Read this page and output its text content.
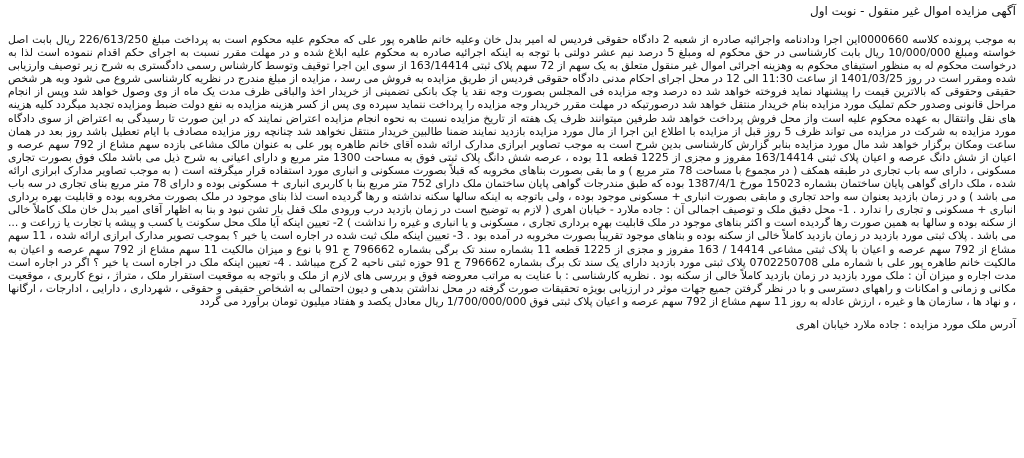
آگهی مزایده اموال غیر منقول - نوبت اول

به موجب پرونده کلاسه 0000660این اجرا ودادنامه واجرائیه صادره از شعبه 2 دادگاه حقوقی فردیس له امیر بدل خان وعلیه خانم طاهره پور علی که محکوم علیه محکوم است به پرداخت مبلغ 226/613/250 ریال بابت اصل خواسته ومبلغ 10/000/000 ریال بابت کارشناسی در حق محکوم له ومبلغ 5 درصد نیم عشر دولتی با توجه به اینکه اجرائیه صادره به محکوم علیه ابلاغ شده و در مهلت مقرر نسبت به اجرای حکم اقدام ننموده است لذا به درخواست محکوم له به منظور استیفای محکوم به وهزینه اجرائی اموال غیر منقول متعلق به یک سهم از 72 سهم پلاک ثبتی 163/14414 از سوی این اجرا توقیف وتوسط کارشناس رسمی دادگستری به شرح زیر توصیف وارزیابی شده ومقرر است در روز 1401/03/25 از ساعت 11:30 الی 12 در محل اجرای احکام مدنی دادگاه حقوقی فردیس از طریق مزایده به فروش می رسد ، مزایده از مبلغ مندرج در نظریه کارشناسی شروع می شود وبه هر شخص حقیقی وحقوقی که بالاترین قیمت را پیشنهاد نماید فروخته خواهد شد ده درصد وجه مزایده فی المجلس بصورت وجه نقد یا چک بانکی تضمینی از خریدار اخذ والباقی ظرف مدت یک ماه از وی وصول خواهد شد وپس از انجام مراحل قانونی وصدور حکم تملیک مورد مزایده بنام خریدار منتقل خواهد شد درصورتیکه در مهلت مقرر خریدار وجه مزایده را پرداخت ننماید سپرده وی پس از کسر هزینه مزایده به نفع دولت ضبط ومزایده تجدید میگردد کلیه هزینه های نقل وانتقال به عهده محکوم علیه است واز محل فروش پرداخت خواهد شد طرفین میتوانند ظرف یک هفته از تاریخ مزایده نسبت به نحوه انجام مزایده اعتراض نمایند که در این صورت تا رسیدگی به اعتراض از سوی دادگاه مورد مزایده به شرکت در مزایده می تواند ظرف 5 روز قبل از مزایده با اطلاع این اجرا از مال مورد مزایده بازدید نمایند ضمنا طالبین خریدار منتقل نخواهد شد چنانچه روز مزایده مصادف با ایام تعطیل باشد روز بعد در همان ساعت ومکان برگزار خواهد شد مال مورد مزایده بنابر گزارش کارشناسی بدین شرح است به موجب تصاویر ابرازی مدارک ارائه شده آقای خانم طاهره پور علی به عنوان مالک مشاعی بازده سهم مشاع از 792 سهم عرصه و اعیان از شش دانگ عرصه و اعیان پلاک ثبتی 163/14414 مفروز و مجزی از 1225 قطعه 11 بوده ، عرصه شش دانگ پلاک ثبتی فوق به مساحت 1300 متر مربع و دارای اعیانی به شرح ذیل می باشد ملک فوق بصورت تجاری مسکونی ، دارای سه باب تجاری در طبقه همکف ( در مجموع با مساحت 78 متر مربع ) و ما بقی بصورت بناهای مخروبه که قبلاً بصورت مسکونی و انباری مورد استفاده قرار میگرفته است ( به موجب تصاویر مدارک ابرازی ارائه شده ، ملک دارای گواهی پایان ساختمان بشماره 15023 مورخ 1387/4/1 بوده که طبق مندرجات گواهی پایان ساختمان ملک دارای 752 متر مربع بنا با کاربری انباری + مسکونی بوده و دارای 78 متر مربع بنای تجاری در سه باب می باشد ) و در زمان بازدید بعنوان سه واحد تجاری و مابقی بصورت انباری + مسکونی موجود بوده ، ولی باتوجه به اینکه سالها سکنه نداشته و رها گردیده است لذا بنای موجود در ملک بصورت مخروبه بوده و قابلیت بهره برداری انباری + مسکونی و تجاری را ندارد . 1- محل دقیق ملک و توصیف اجمالی آن : جاده ملارد - خیابان اهری ( لازم به توضیح است در زمان بازدید درب ورودی ملک قفل بار تشن نبود و بنا به اظهار آقای امیر بدل خان ملک کاملاً خالی از سکنه بوده و سالها به همین صورت رها گردیده است و اکثر بناهای موجود در ملک قابلیت بهره برداری تجاری ، مسکونی و یا انباری و غیره را نداشت ) 2- تعیین اینکه آیا ملک محل سکونت یا کسب و پیشه یا تجارت یا زراعت و ... می باشد . پلاک ثبتی مورد بازدید در زمان بازدید کاملاً خالی از سکنه بوده و بناهای موجود تقریباً بصورت مخروبه در آمده بود . 3- تعیین اینکه ملک ثبت شده در اجاره است یا خیر ؟ بموجب تصویر مدارک ابرازی ارائه شده ، 11 سهم مشاع از 792 سهم عرصه و اعیان با پلاک ثبتی مشاعی 14414 / 163 مفروز و مجزی از 1225 قطعه 11 بشماره سند تک برگی بشماره 796662 ج 91 با نوع و میزان مالکیت 11 سهم مشاع از 792 سهم عرصه و اعیان به مالکیت خانم طاهره پور علی با شماره ملی 0702250708 پلاک ثبتی مورد بازدید دارای یک سند تک برگ بشماره 796662 ج 91 حوزه ثبتی ناحیه 2 کرج میباشد . 4- تعیین اینکه ملک در اجاره است یا خیر ؟ اگر در اجاره است مدت اجاره و میزان آن : ملک مورد بازدید در زمان بازدید کاملاً خالی از سکنه بود . نظریه کارشناسی : با عنایت به مراتب معروضه فوق و بررسی های لازم از ملک و باتوجه به موقعیت استقرار ملک ، متراژ ، نوع کاربری ، موقعیت مکانی و زمانی و امکانات و راههای دسترسی و با در نظر گرفتن جمیع جهات موثر در ارزیابی بویژه تحقیقات صورت گرفته در محل نداشتن بدهی و دیون احتمالی به اشخاص حقیقی و حقوقی ، شهرداری ، دارایی ، ادارجات ، ارگانها ، و نهاد ها ، سازمان ها و غیره ، ارزش عادله به روز 11 سهم مشاع از 792 سهم عرصه و اعیان پلاک ثبتی فوق 1/700/000/000 ریال معادل یکصد و هفتاد میلیون تومان برآورد می گردد

آدرس ملک مورد مزایده : جاده ملارد خیابان اهری
